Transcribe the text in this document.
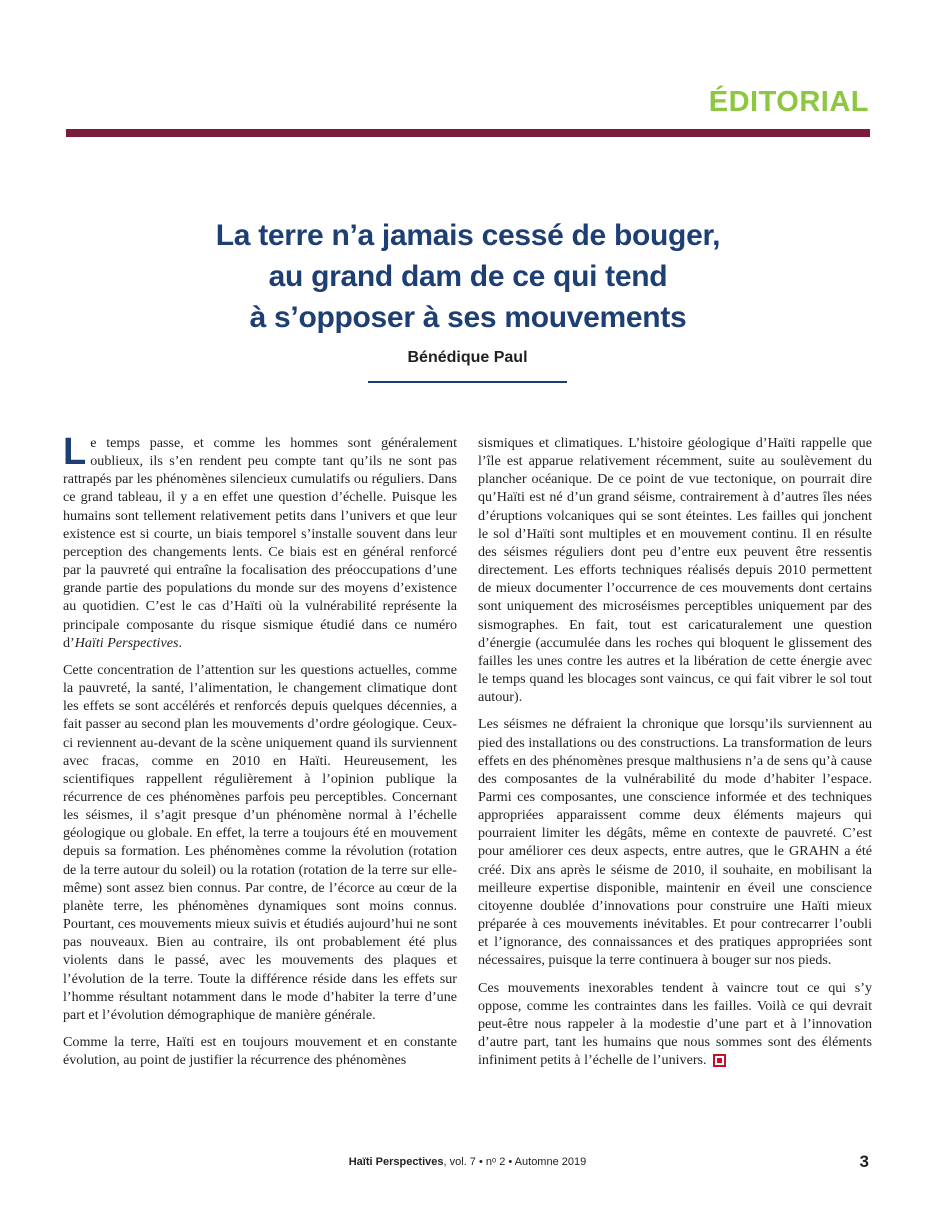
ÉDITORIAL
La terre n’a jamais cessé de bouger,
au grand dam de ce qui tend
à s’opposer à ses mouvements
Bénédique Paul

Le temps passe, et comme les hommes sont généralement oublieux, ils s’en rendent peu compte tant qu’ils ne sont pas rattrapés par les phénomènes silencieux cumulatifs ou réguliers. Dans ce grand tableau, il y a en effet une question d’échelle. Puisque les humains sont tellement relativement petits dans l’univers et que leur existence est si courte, un biais temporel s’installe souvent dans leur perception des changements lents. Ce biais est en général renforcé par la pauvreté qui entraîne la focalisation des préoccupations d’une grande partie des populations du monde sur des moyens d’existence au quotidien. C’est le cas d’Haïti où la vulnérabilité représente la principale composante du risque sismique étudié dans ce numéro d’Haïti Perspectives.

Cette concentration de l’attention sur les questions actuelles, comme la pauvreté, la santé, l’alimentation, le changement climatique dont les effets se sont accélérés et renforcés depuis quelques décennies, a fait passer au second plan les mouvements d’ordre géologique. Ceux-ci reviennent au-devant de la scène uniquement quand ils surviennent avec fracas, comme en 2010 en Haïti. Heureusement, les scientifiques rappellent régulièrement à l’opinion publique la récurrence de ces phénomènes parfois peu perceptibles. Concernant les séismes, il s’agit presque d’un phénomène normal à l’échelle géologique ou globale. En effet, la terre a toujours été en mouvement depuis sa formation. Les phénomènes comme la révolution (rotation de la terre autour du soleil) ou la rotation (rotation de la terre sur elle-même) sont assez bien connus. Par contre, de l’écorce au cœur de la planète terre, les phénomènes dynamiques sont moins connus. Pourtant, ces mouvements mieux suivis et étudiés aujourd’hui ne sont pas nouveaux. Bien au contraire, ils ont probablement été plus violents dans le passé, avec les mouvements des plaques et l’évolution de la terre. Toute la différence réside dans les effets sur l’homme résultant notamment dans le mode d’habiter la terre d’une part et l’évolution démographique de manière générale.

Comme la terre, Haïti est en toujours mouvement et en constante évolution, au point de justifier la récurrence des phénomènes

sismiques et climatiques. L’histoire géologique d’Haïti rappelle que l’île est apparue relativement récemment, suite au soulèvement du plancher océanique. De ce point de vue tectonique, on pourrait dire qu’Haïti est né d’un grand séisme, contrairement à d’autres îles nées d’éruptions volcaniques qui se sont éteintes. Les failles qui jonchent le sol d’Haïti sont multiples et en mouvement continu. Il en résulte des séismes réguliers dont peu d’entre eux peuvent être ressentis directement. Les efforts techniques réalisés depuis 2010 permettent de mieux documenter l’occurrence de ces mouvements dont certains sont uniquement des microséismes perceptibles uniquement par des sismographes. En fait, tout est caricaturalement une question d’énergie (accumulée dans les roches qui bloquent le glissement des failles les unes contre les autres et la libération de cette énergie avec le temps quand les blocages sont vaincus, ce qui fait vibrer le sol tout autour).

Les séismes ne défraient la chronique que lorsqu’ils surviennent au pied des installations ou des constructions. La transformation de leurs effets en des phénomènes presque malthusiens n’a de sens qu’à cause des composantes de la vulnérabilité du mode d’habiter l’espace. Parmi ces composantes, une conscience informée et des techniques appropriées apparaissent comme deux éléments majeurs qui pourraient limiter les dégâts, même en contexte de pauvreté. C’est pour améliorer ces deux aspects, entre autres, que le GRAHN a été créé. Dix ans après le séisme de 2010, il souhaite, en mobilisant la meilleure expertise disponible, maintenir en éveil une conscience citoyenne doublée d’innovations pour construire une Haïti mieux préparée à ces mouvements inévitables. Et pour contrecarrer l’oubli et l’ignorance, des connaissances et des pratiques appropriées sont nécessaires, puisque la terre continuera à bouger sur nos pieds.

Ces mouvements inexorables tendent à vaincre tout ce qui s’y oppose, comme les contraintes dans les failles. Voilà ce qui devrait peut-être nous rappeler à la modestie d’une part et à l’innovation d’autre part, tant les humains que nous sommes sont des éléments infiniment petits à l’échelle de l’univers.

Haïti Perspectives, vol. 7 • nᵒ 2 • Automne 2019	3
